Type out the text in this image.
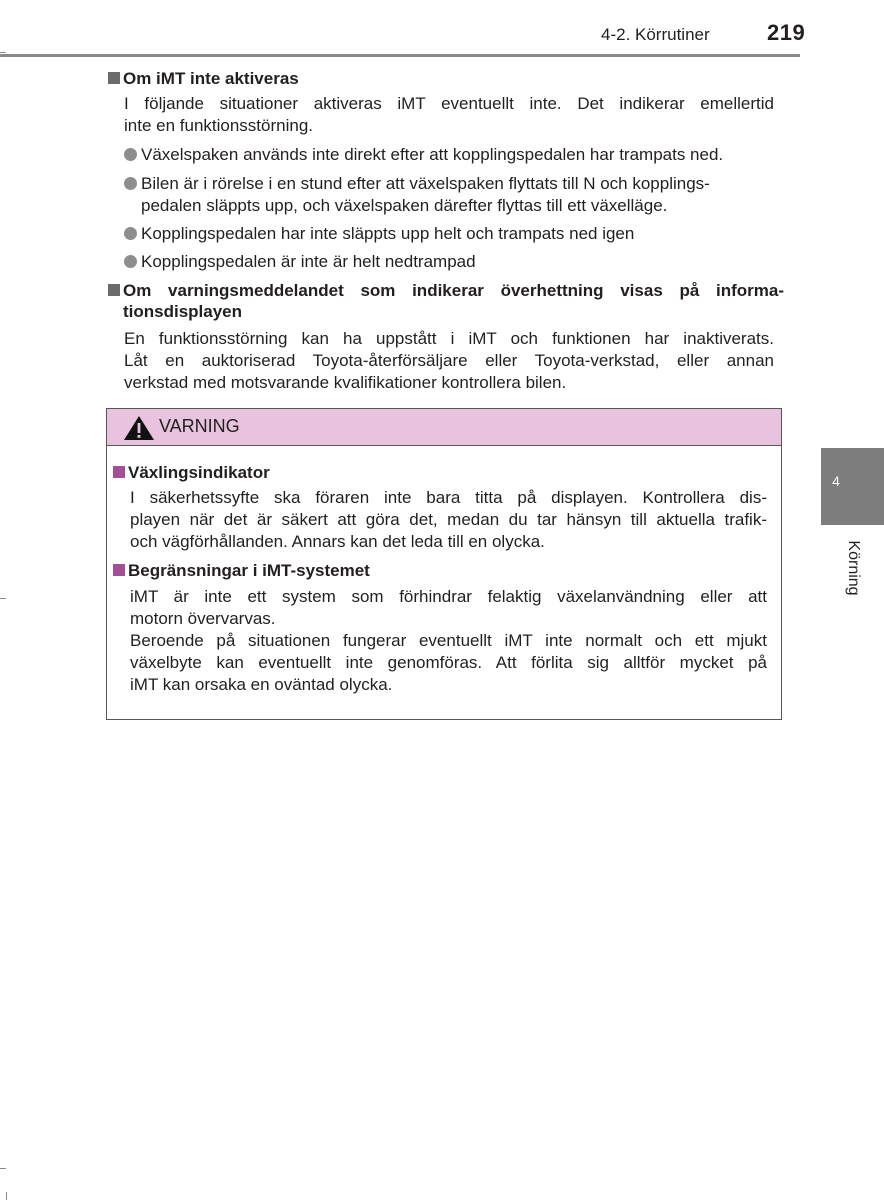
4-2. Körrutiner	219
4
Körning
Om iMT inte aktiveras
I följande situationer aktiveras iMT eventuellt inte. Det indikerar emellertid
inte en funktionsstörning.
Växelspaken används inte direkt efter att kopplingspedalen har trampats ned.
Bilen är i rörelse i en stund efter att växelspaken flyttats till N och kopplings-
pedalen släppts upp, och växelspaken därefter flyttas till ett växelläge.
Kopplingspedalen har inte släppts upp helt och trampats ned igen
Kopplingspedalen är inte är helt nedtrampad
Om varningsmeddelandet som indikerar överhettning visas på informa-
tionsdisplayen
En funktionsstörning kan ha uppstått i iMT och funktionen har inaktiverats.
Låt en auktoriserad Toyota-återförsäljare eller Toyota-verkstad, eller annan
verkstad med motsvarande kvalifikationer kontrollera bilen.
VARNING
Växlingsindikator
I säkerhetssyfte ska föraren inte bara titta på displayen. Kontrollera dis-
playen när det är säkert att göra det, medan du tar hänsyn till aktuella trafik-
och vägförhållanden. Annars kan det leda till en olycka.
Begränsningar i iMT-systemet
iMT är inte ett system som förhindrar felaktig växelanvändning eller att
motorn övervarvas.
Beroende på situationen fungerar eventuellt iMT inte normalt och ett mjukt
växelbyte kan eventuellt inte genomföras. Att förlita sig alltför mycket på
iMT kan orsaka en oväntad olycka.
